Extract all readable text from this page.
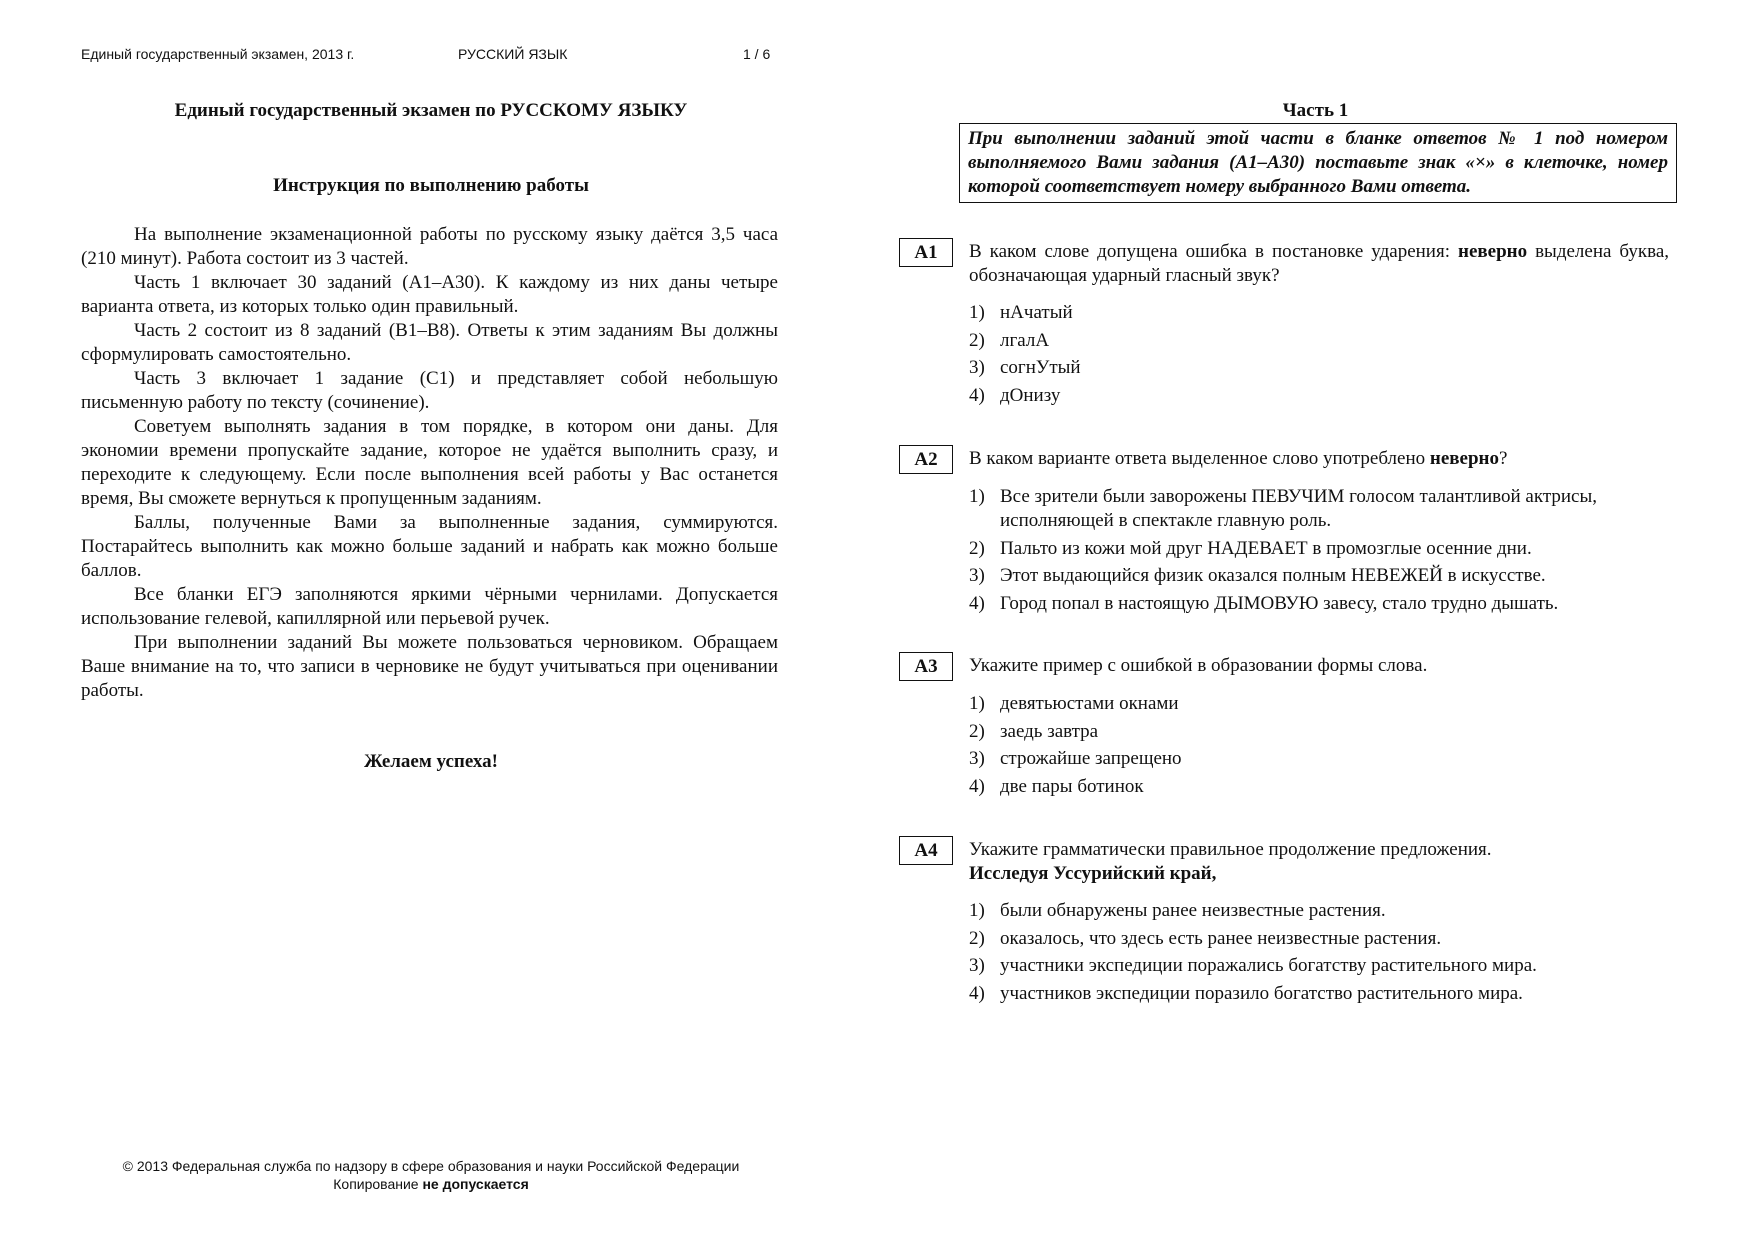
Единый государственный экзамен, 2013 г.	РУССКИЙ ЯЗЫК	1 / 6
Единый государственный экзамен по РУССКОМУ ЯЗЫКУ
Инструкция по выполнению работы

На выполнение экзаменационной работы по русскому языку даётся 3,5 часа (210 минут). Работа состоит из 3 частей.

Часть 1 включает 30 заданий (А1–А30). К каждому из них даны четыре варианта ответа, из которых только один правильный.

Часть 2 состоит из 8 заданий (В1–В8). Ответы к этим заданиям Вы должны сформулировать самостоятельно.

Часть 3 включает 1 задание (С1) и представляет собой небольшую письменную работу по тексту (сочинение).

Советуем выполнять задания в том порядке, в котором они даны. Для экономии времени пропускайте задание, которое не удаётся выполнить сразу, и переходите к следующему. Если после выполнения всей работы у Вас останется время, Вы сможете вернуться к пропущенным заданиям.

Баллы, полученные Вами за выполненные задания, суммируются. Постарайтесь выполнить как можно больше заданий и набрать как можно больше баллов.

Все бланки ЕГЭ заполняются яркими чёрными чернилами. Допускается использование гелевой, капиллярной или перьевой ручек.

При выполнении заданий Вы можете пользоваться черновиком. Обращаем Ваше внимание на то, что записи в черновике не будут учитываться при оценивании работы.

Желаем успеха!
© 2013 Федеральная служба по надзору в сфере образования и науки Российской Федерации
Копирование не допускается
Часть 1
При выполнении заданий этой части в бланке ответов № 1 под номером выполняемого Вами задания (А1–А30) поставьте знак «×» в клеточке, номер которой соответствует номеру выбранного Вами ответа.
А1	В каком слове допущена ошибка в постановке ударения: неверно выделена буква, обозначающая ударный гласный звук?
1) нАчатый
2) лгалА
3) согнУтый
4) дОнизу
А2	В каком варианте ответа выделенное слово употреблено неверно?
1) Все зрители были заворожены ПЕВУЧИМ голосом талантливой актрисы, исполняющей в спектакле главную роль.
2) Пальто из кожи мой друг НАДЕВАЕТ в промозглые осенние дни.
3) Этот выдающийся физик оказался полным НЕВЕЖЕЙ в искусстве.
4) Город попал в настоящую ДЫМОВУЮ завесу, стало трудно дышать.
А3	Укажите пример с ошибкой в образовании формы слова.
1) девятьюстами окнами
2) заедь завтра
3) строжайше запрещено
4) две пары ботинок
А4	Укажите грамматически правильное продолжение предложения.
Исследуя Уссурийский край,
1) были обнаружены ранее неизвестные растения.
2) оказалось, что здесь есть ранее неизвестные растения.
3) участники экспедиции поражались богатству растительного мира.
4) участников экспедиции поразило богатство растительного мира.
